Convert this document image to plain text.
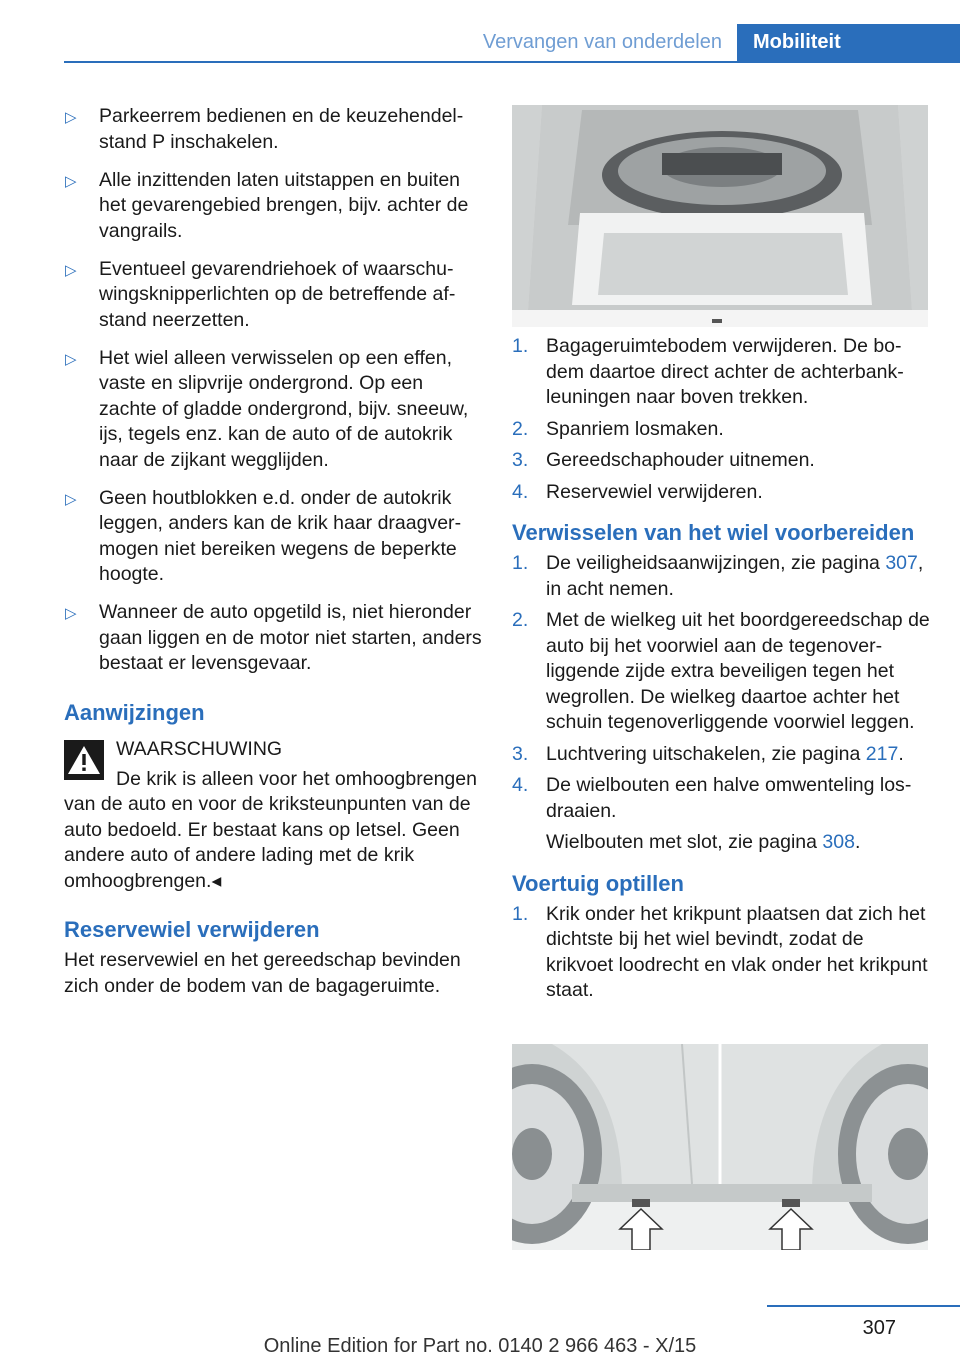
Vervangen van onderdelen	Mobiliteit
▷ Parkeerrem bedienen en de keuzehendelstand P inschakelen.
▷ Alle inzittenden laten uitstappen en buiten het gevarengebied brengen, bijv. achter de vangrails.
▷ Eventueel gevarendriehoek of waarschuwingsknipperlichten op de betreffende afstand neerzetten.
▷ Het wiel alleen verwisselen op een effen, vaste en slipvrije ondergrond. Op een zachte of gladde ondergrond, bijv. sneeuw, ijs, tegels enz. kan de auto of de autokrik naar de zijkant wegglijden.
▷ Geen houtblokken e.d. onder de autokrik leggen, anders kan de krik haar draagvermogen niet bereiken wegens de beperkte hoogte.
▷ Wanneer de auto opgetild is, niet hieronder gaan liggen en de motor niet starten, anders bestaat er levensgevaar.
Aanwijzingen
WAARSCHUWING
De krik is alleen voor het omhoogbrengen van de auto en voor de kriksteunpunten van de auto bedoeld. Er bestaat kans op letsel. Geen andere auto of andere lading met de krik omhoogbrengen.◂
Reservewiel verwijderen
Het reservewiel en het gereedschap bevinden zich onder de bodem van de bagageruimte.
1. Bagageruimtebodem verwijderen. De bodem daartoe direct achter de achterbankleuningen naar boven trekken.
2. Spanriem losmaken.
3. Gereedschaphouder uitnemen.
4. Reservewiel verwijderen.
Verwisselen van het wiel voorbereiden
1. De veiligheidsaanwijzingen, zie pagina 307, in acht nemen.
2. Met de wielkeg uit het boordgereedschap de auto bij het voorwiel aan de tegenoverliggende zijde extra beveiligen tegen het wegrollen. De wielkeg daartoe achter het schuin tegenoverliggende voorwiel leggen.
3. Luchtvering uitschakelen, zie pagina 217.
4. De wielbouten een halve omwenteling losdraaien.
Wielbouten met slot, zie pagina 308.
Voertuig optillen
1. Krik onder het krikpunt plaatsen dat zich het dichtste bij het wiel bevindt, zodat de krikvoet loodrecht en vlak onder het krikpunt staat.
307
Online Edition for Part no. 0140 2 966 463 - X/15
